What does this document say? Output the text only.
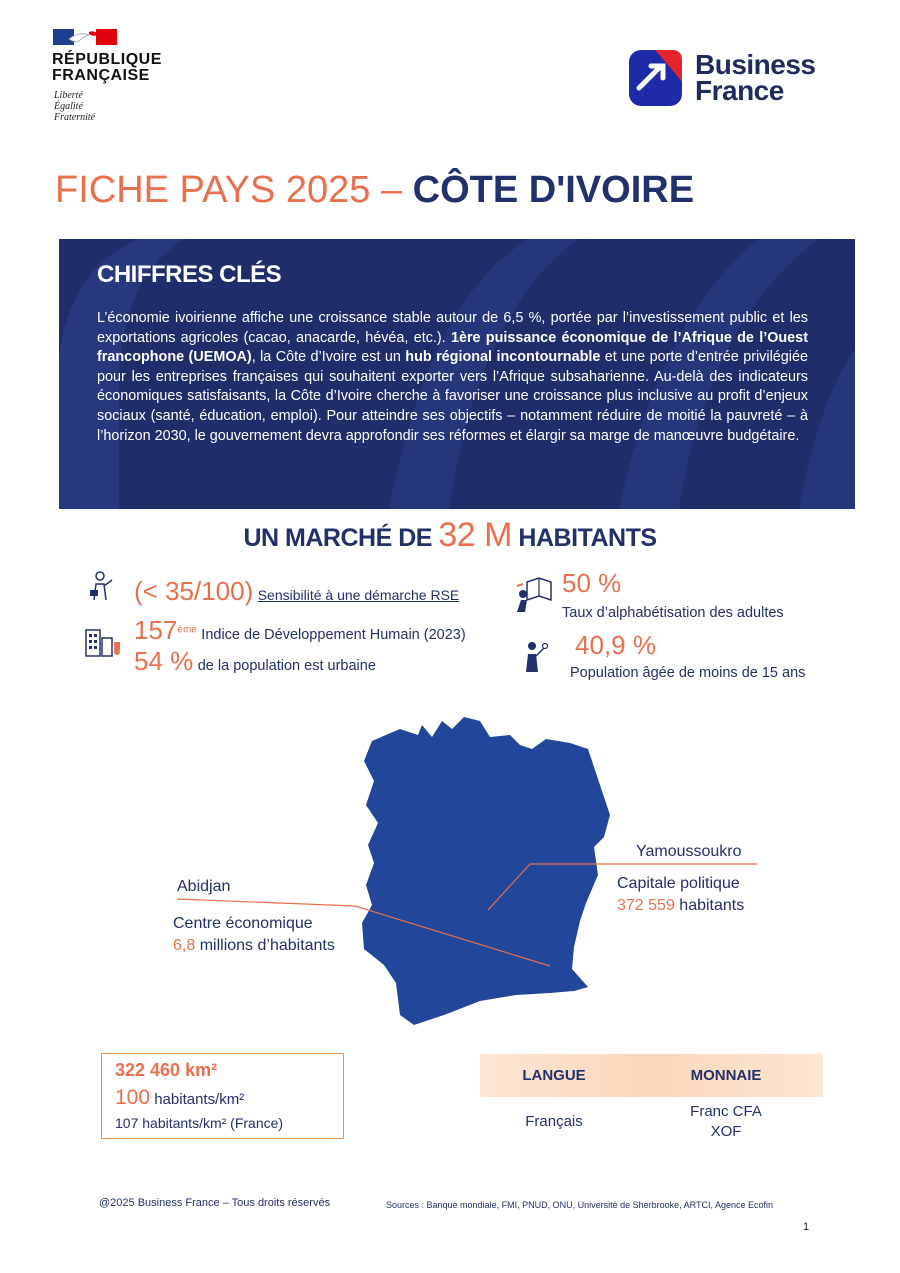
RÉPUBLIQUE
FRANÇAISE
Liberté
Égalité
Fraternité
Business
France
FICHE PAYS 2025 – CÔTE D'IVOIRE
CHIFFRES CLÉS
L’économie ivoirienne affiche une croissance stable autour de 6,5 %, portée par l’investissement public et les exportations agricoles (cacao, anacarde, hévéa, etc.). 1ère puissance économique de l’Afrique de l’Ouest francophone (UEMOA), la Côte d’Ivoire est un hub régional incontournable et une porte d’entrée privilégiée pour les entreprises françaises qui souhaitent exporter vers l’Afrique subsaharienne. Au-delà des indicateurs économiques satisfaisants, la Côte d’Ivoire cherche à favoriser une croissance plus inclusive au profit d’enjeux sociaux (santé, éducation, emploi). Pour atteindre ses objectifs – notamment réduire de moitié la pauvreté – à l’horizon 2030, le gouvernement devra approfondir ses réformes et élargir sa marge de manœuvre budgétaire.
UN MARCHÉ DE 32 M HABITANTS
(< 35/100) Sensibilité à une démarche RSE
157ème Indice de Développement Humain (2023)
54 % de la population est urbaine
50 %
Taux d’alphabétisation des adultes
40,9 %
Population âgée de moins de 15 ans
Yamoussoukro
Capitale politique
372 559 habitants
Abidjan
Centre économique
6,8 millions d’habitants
322 460 km²
100 habitants/km²
107 habitants/km² (France)
LANGUE	MONNAIE
Français
Franc CFA
XOF
@2025 Business France – Tous droits réservés	Sources : Banque mondiale, FMI, PNUD, ONU, Université de Sherbrooke, ARTCI, Agence Ecofin
1
